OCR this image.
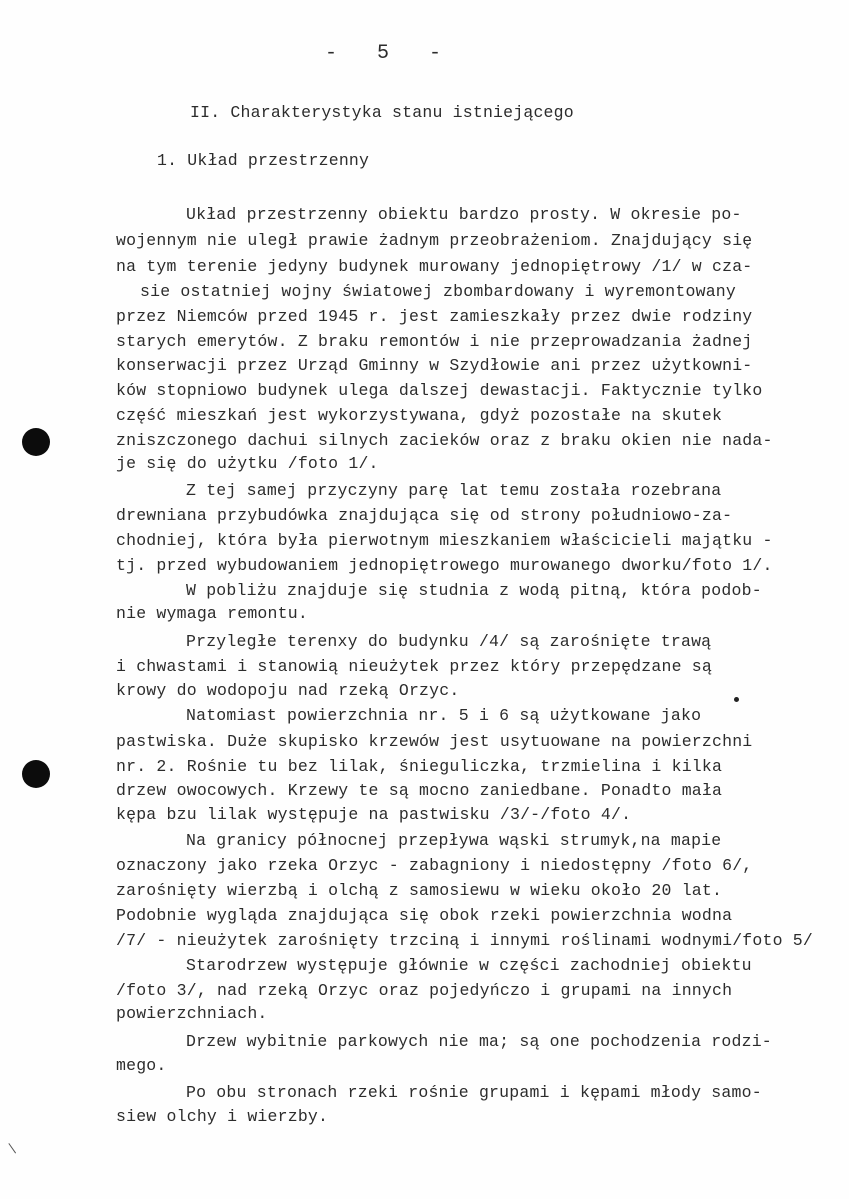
- 5 -
II. Charakterystyka stanu istniejącego
1. Układ przestrzenny
Układ przestrzenny obiektu bardzo prosty. W okresie po-
wojennym nie uległ prawie żadnym przeobrażeniom. Znajdujący się
na tym terenie jedyny budynek murowany jednopiętrowy /1/ w cza-
sie ostatniej wojny światowej zbombardowany i wyremontowany
przez Niemców przed 1945 r. jest zamieszkały przez dwie rodziny
starych emerytów. Z braku remontów i nie przeprowadzania żadnej
konserwacji przez Urząd Gminny w Szydłowie ani przez użytkowni-
ków stopniowo budynek ulega dalszej dewastacji. Faktycznie tylko
część mieszkań jest wykorzystywana, gdyż pozostałe na skutek
zniszczonego dachui silnych zacieków oraz z braku okien nie nada-
je się do użytku /foto 1/.
Z tej samej przyczyny parę lat temu została rozebrana
drewniana przybudówka znajdująca się od strony południowo-za-
chodniej, która była pierwotnym mieszkaniem właścicieli majątku -
tj. przed wybudowaniem jednopiętrowego murowanego dworku/foto 1/.
W pobliżu znajduje się studnia z wodą pitną, która podob-
nie wymaga remontu.
Przyległe terenxy do budynku /4/ są zarośnięte trawą
i chwastami i stanowią nieużytek przez który przepędzane są
krowy do wodopoju nad rzeką Orzyc.
Natomiast powierzchnia nr. 5 i 6 są użytkowane jako
pastwiska. Duże skupisko krzewów jest usytuowane na powierzchni
nr. 2. Rośnie tu bez lilak, śnieguliczka, trzmielina i kilka
drzew owocowych. Krzewy te są mocno zaniedbane. Ponadto mała
kępa bzu lilak występuje na pastwisku /3/-/foto 4/.
Na granicy północnej przepływa wąski strumyk,na mapie
oznaczony jako rzeka Orzyc - zabagniony i niedostępny /foto 6/,
zarośnięty wierzbą i olchą z samosiewu w wieku około 20 lat.
Podobnie wygląda znajdująca się obok rzeki powierzchnia wodna
/7/ - nieużytek zarośnięty trzciną i innymi roślinami wodnymi/foto 5/
Starodrzew występuje głównie w części zachodniej obiektu
/foto 3/, nad rzeką Orzyc oraz pojedyńczo i grupami na innych
powierzchniach.
Drzew wybitnie parkowych nie ma; są one pochodzenia rodzi-
mego.
Po obu stronach rzeki rośnie grupami i kępami młody samo-
siew olchy i wierzby.
